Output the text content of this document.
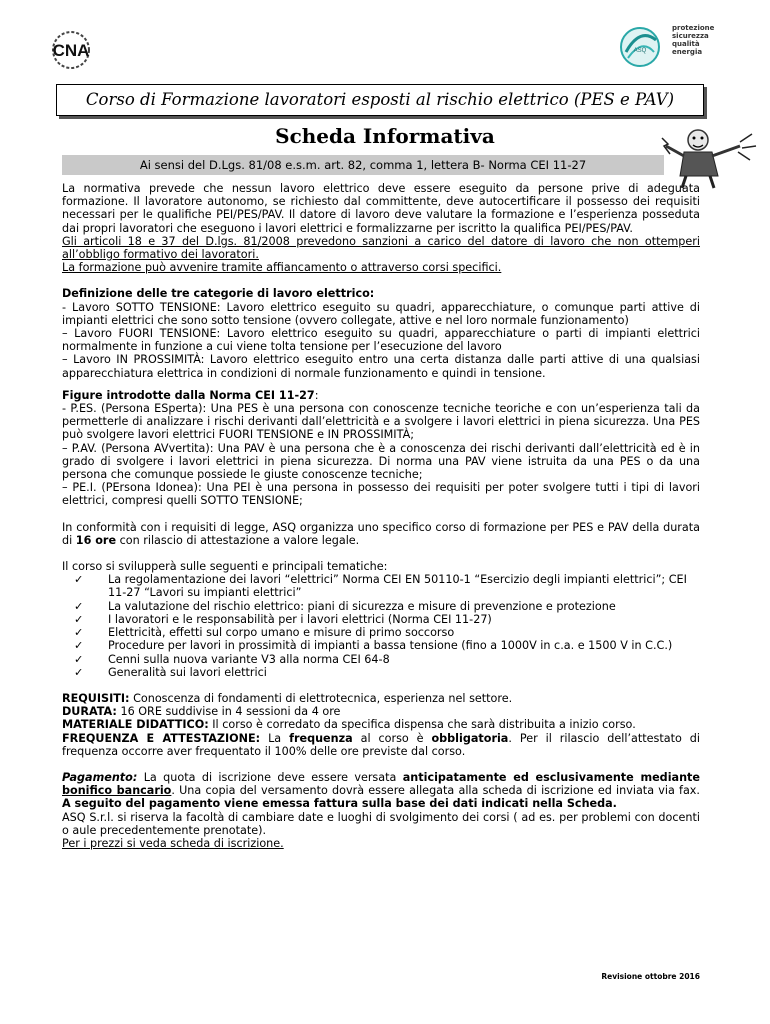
CNA	ASQ
protezione
sicurezza
qualità
energia
Corso di Formazione lavoratori esposti al rischio elettrico (PES e PAV)
Scheda Informativa
Ai sensi del D.Lgs. 81/08 e.s.m. art. 82, comma 1, lettera B- Norma CEI 11-27

La normativa prevede che nessun lavoro elettrico deve essere eseguito da persone prive di adeguata formazione. Il lavoratore autonomo, se richiesto dal committente, deve autocertificare il possesso dei requisiti necessari per le qualifiche PEI/PES/PAV. Il datore di lavoro deve valutare la formazione e l’esperienza posseduta dai propri lavoratori che eseguono i lavori elettrici e formalizzarne per iscritto la qualifica PEI/PES/PAV.

Gli articoli 18 e 37 del D.lgs. 81/2008 prevedono sanzioni a carico del datore di lavoro che non ottemperi all’obbligo formativo dei lavoratori.

La formazione può avvenire tramite affiancamento o attraverso corsi specifici.

Definizione delle tre categorie di lavoro elettrico:

- Lavoro SOTTO TENSIONE: Lavoro elettrico eseguito su quadri, apparecchiature, o comunque parti attive di impianti elettrici che sono sotto tensione (ovvero collegate, attive e nel loro normale funzionamento)

– Lavoro FUORI TENSIONE: Lavoro elettrico eseguito su quadri, apparecchiature o parti di impianti elettrici normalmente in funzione a cui viene tolta tensione per l’esecuzione del lavoro

– Lavoro IN PROSSIMITÀ: Lavoro elettrico eseguito entro una certa distanza dalle parti attive di una qualsiasi apparecchiatura elettrica in condizioni di normale funzionamento e quindi in tensione.

Figure introdotte dalla Norma CEI 11-27:

- P.ES. (Persona ESperta): Una PES è una persona con conoscenze tecniche teoriche e con un’esperienza tali da permetterle di analizzare i rischi derivanti dall’elettricità e a svolgere i lavori elettrici in piena sicurezza. Una PES può svolgere lavori elettrici FUORI TENSIONE e IN PROSSIMITÀ;

– P.AV. (Persona AVvertita): Una PAV è una persona che è a conoscenza dei rischi derivanti dall’elettricità ed è in grado di svolgere i lavori elettrici in piena sicurezza. Di norma una PAV viene istruita da una PES o da una persona che comunque possiede le giuste conoscenze tecniche;

– PE.I. (PErsona Idonea): Una PEI è una persona in possesso dei requisiti per poter svolgere tutti i tipi di lavori elettrici, compresi quelli SOTTO TENSIONE;

In conformità con i requisiti di legge, ASQ organizza uno specifico corso di formazione per PES e PAV della durata di 16 ore con rilascio di attestazione a valore legale.

Il corso si svilupperà sulle seguenti e principali tematiche:

✓ La regolamentazione dei lavori “elettrici” Norma CEI EN 50110-1 “Esercizio degli impianti elettrici”; CEI 11-27 “Lavori su impianti elettrici”
✓ La valutazione del rischio elettrico: piani di sicurezza e misure di prevenzione e protezione
✓ I lavoratori e le responsabilità per i lavori elettrici (Norma CEI 11-27)
✓ Elettricità, effetti sul corpo umano e misure di primo soccorso
✓ Procedure per lavori in prossimità di impianti a bassa tensione (fino a 1000V in c.a. e 1500 V in C.C.)
✓ Cenni sulla nuova variante V3 alla norma CEI 64-8
✓ Generalità sui lavori elettrici

REQUISITI: Conoscenza di fondamenti di elettrotecnica, esperienza nel settore.

DURATA: 16 ORE suddivise in 4 sessioni da 4 ore

MATERIALE DIDATTICO: Il corso è corredato da specifica dispensa che sarà distribuita a inizio corso.

FREQUENZA E ATTESTAZIONE: La frequenza al corso è obbligatoria. Per il rilascio dell’attestato di frequenza occorre aver frequentato il 100% delle ore previste dal corso.

Pagamento: La quota di iscrizione deve essere versata anticipatamente ed esclusivamente mediante bonifico bancario. Una copia del versamento dovrà essere allegata alla scheda di iscrizione ed inviata via fax. A seguito del pagamento viene emessa fattura sulla base dei dati indicati nella Scheda.

ASQ S.r.l. si riserva la facoltà di cambiare date e luoghi di svolgimento dei corsi ( ad es. per problemi con docenti o aule precedentemente prenotate).

Per i prezzi si veda scheda di iscrizione.

Revisione ottobre 2016
